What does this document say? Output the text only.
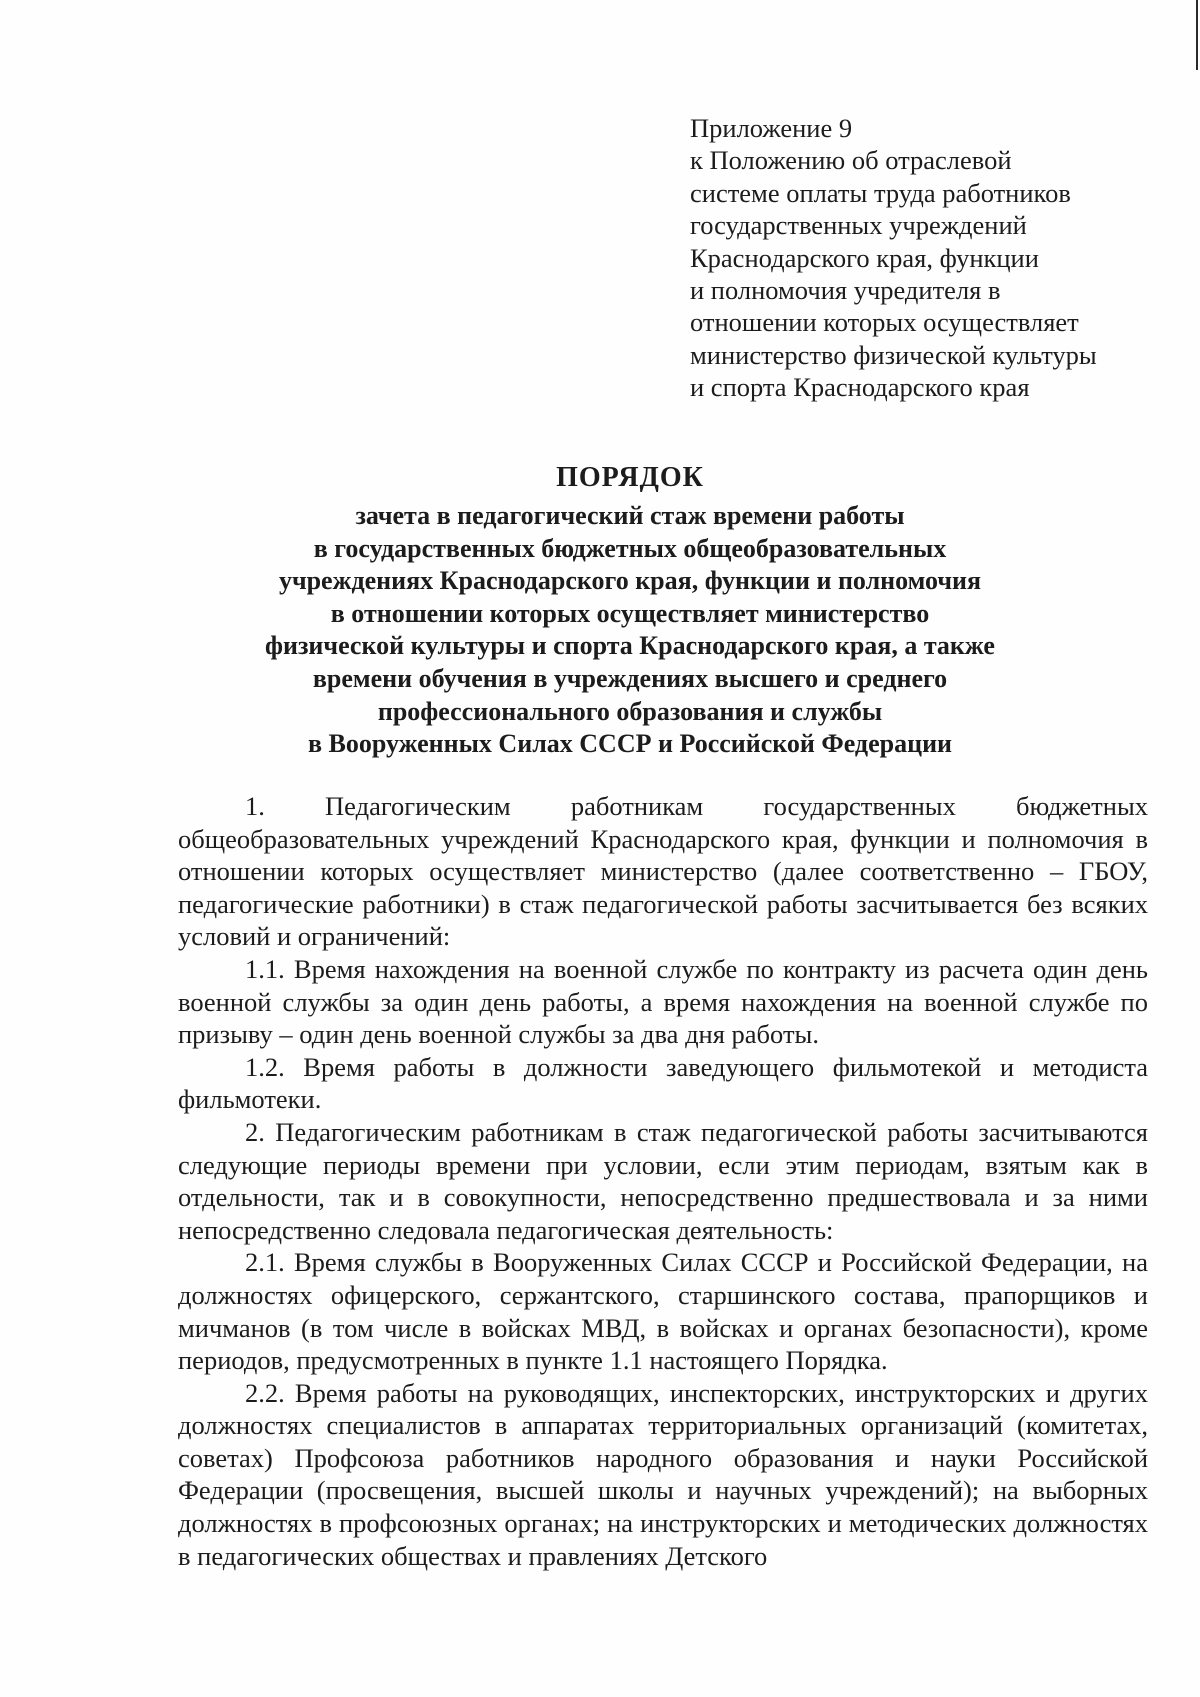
Приложение 9
к Положению об отраслевой
системе оплаты труда работников
государственных учреждений
Краснодарского края, функции
и полномочия учредителя в
отношении которых осуществляет
министерство физической культуры
и спорта Краснодарского края
ПОРЯДОК
зачета в педагогический стаж времени работы
в государственных бюджетных общеобразовательных
учреждениях Краснодарского края, функции и полномочия
в отношении которых осуществляет министерство
физической культуры и спорта Краснодарского края, а также
времени обучения в учреждениях высшего и среднего
профессионального образования и службы
в Вооруженных Силах СССР и Российской Федерации
1. Педагогическим работникам государственных бюджетных общеобразовательных учреждений Краснодарского края, функции и полномочия в отношении которых осуществляет министерство (далее соответственно – ГБОУ, педагогические работники) в стаж педагогической работы засчитывается без всяких условий и ограничений:
1.1. Время нахождения на военной службе по контракту из расчета один день военной службы за один день работы, а время нахождения на военной службе по призыву – один день военной службы за два дня работы.
1.2. Время работы в должности заведующего фильмотекой и методиста фильмотеки.
2. Педагогическим работникам в стаж педагогической работы засчитываются следующие периоды времени при условии, если этим периодам, взятым как в отдельности, так и в совокупности, непосредственно предшествовала и за ними непосредственно следовала педагогическая деятельность:
2.1. Время службы в Вооруженных Силах СССР и Российской Федерации, на должностях офицерского, сержантского, старшинского состава, прапорщиков и мичманов (в том числе в войсках МВД, в войсках и органах безопасности), кроме периодов, предусмотренных в пункте 1.1 настоящего Порядка.
2.2. Время работы на руководящих, инспекторских, инструкторских и других должностях специалистов в аппаратах территориальных организаций (комитетах, советах) Профсоюза работников народного образования и науки Российской Федерации (просвещения, высшей школы и научных учреждений); на выборных должностях в профсоюзных органах; на инструкторских и методических должностях в педагогических обществах и правлениях Детского
